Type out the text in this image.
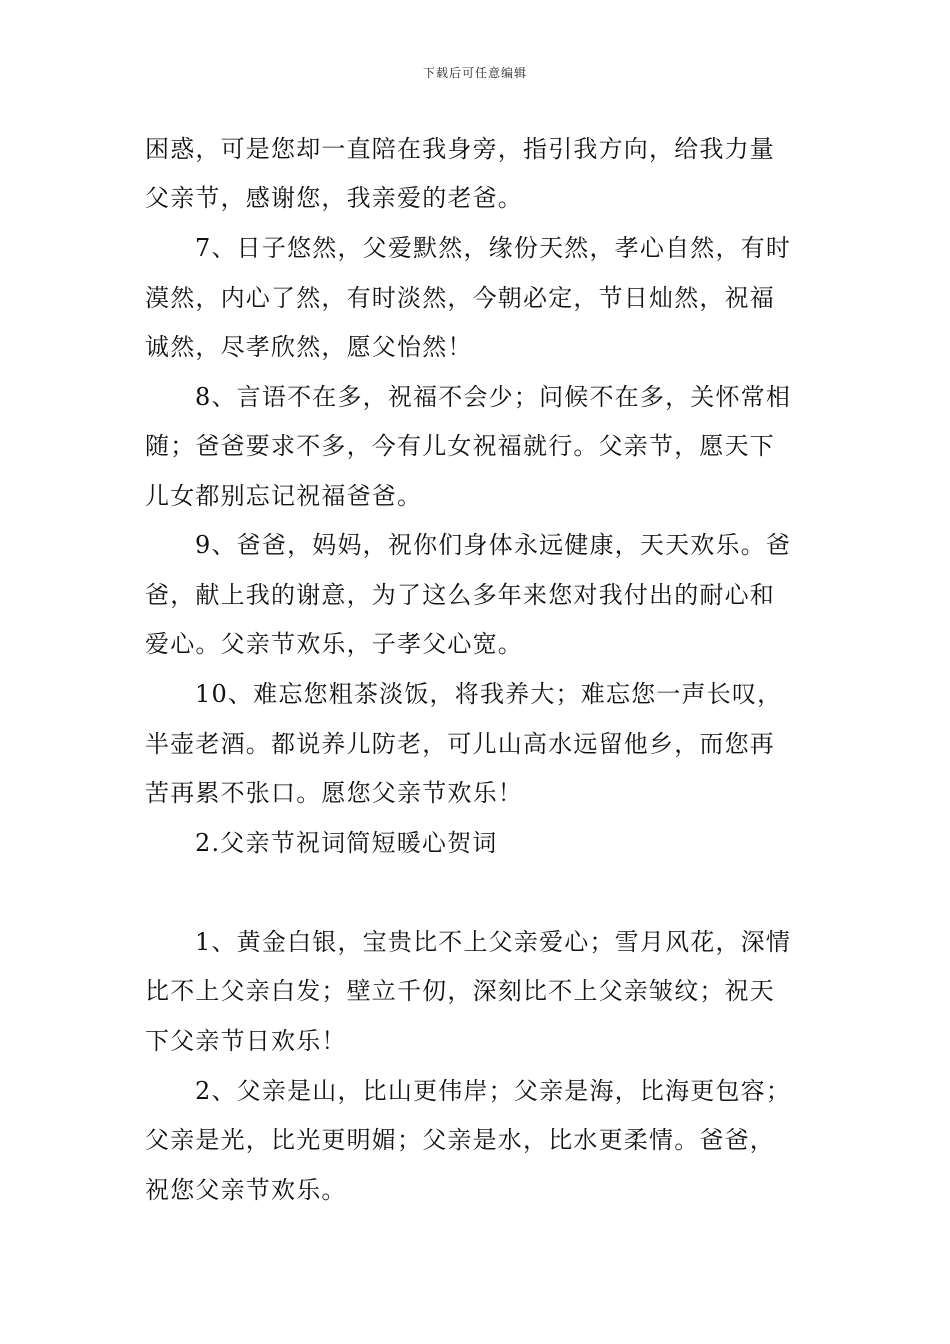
下载后可任意编辑
困惑，可是您却一直陪在我身旁，指引我方向，给我力量
父亲节，感谢您，我亲爱的老爸。
7、日子悠然，父爱默然，缘份天然，孝心自然，有时
漠然，内心了然，有时淡然，今朝必定，节日灿然，祝福
诚然，尽孝欣然，愿父怡然！
8、言语不在多，祝福不会少；问候不在多，关怀常相
随；爸爸要求不多，今有儿女祝福就行。父亲节，愿天下
儿女都别忘记祝福爸爸。
9、爸爸，妈妈，祝你们身体永远健康，天天欢乐。爸
爸，献上我的谢意，为了这么多年来您对我付出的耐心和
爱心。父亲节欢乐，子孝父心宽。
10、难忘您粗茶淡饭，将我养大；难忘您一声长叹，
半壶老酒。都说养儿防老，可儿山高水远留他乡，而您再
苦再累不张口。愿您父亲节欢乐！
2.父亲节祝词简短暖心贺词
1、黄金白银，宝贵比不上父亲爱心；雪月风花，深情
比不上父亲白发；壁立千仞，深刻比不上父亲皱纹；祝天
下父亲节日欢乐！
2、父亲是山，比山更伟岸；父亲是海，比海更包容；
父亲是光，比光更明媚；父亲是水，比水更柔情。爸爸，
祝您父亲节欢乐。
